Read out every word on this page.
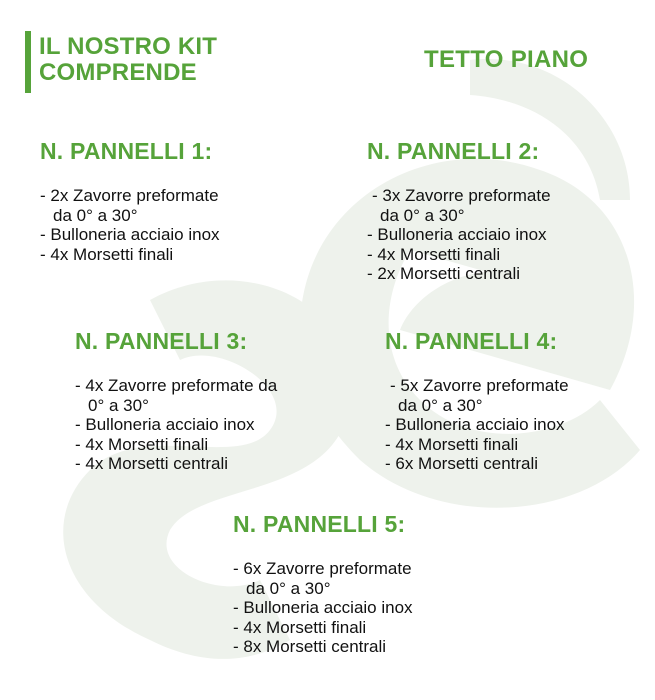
IL NOSTRO KIT
COMPRENDE	TETTO PIANO
N. PANNELLI 1:
- 2x Zavorre preformate
da 0° a 30°
- Bulloneria acciaio inox
- 4x Morsetti finali
N. PANNELLI 2:
- 3x Zavorre preformate
da 0° a 30°
- Bulloneria acciaio inox
- 4x Morsetti finali
- 2x Morsetti centrali
N. PANNELLI 3:
- 4x Zavorre preformate da
0° a 30°
- Bulloneria acciaio inox
- 4x Morsetti finali
- 4x Morsetti centrali
N. PANNELLI 4:
- 5x Zavorre preformate
da 0° a 30°
- Bulloneria acciaio inox
- 4x Morsetti finali
- 6x Morsetti centrali
N. PANNELLI 5:
- 6x Zavorre preformate
da 0° a 30°
- Bulloneria acciaio inox
- 4x Morsetti finali
- 8x Morsetti centrali
